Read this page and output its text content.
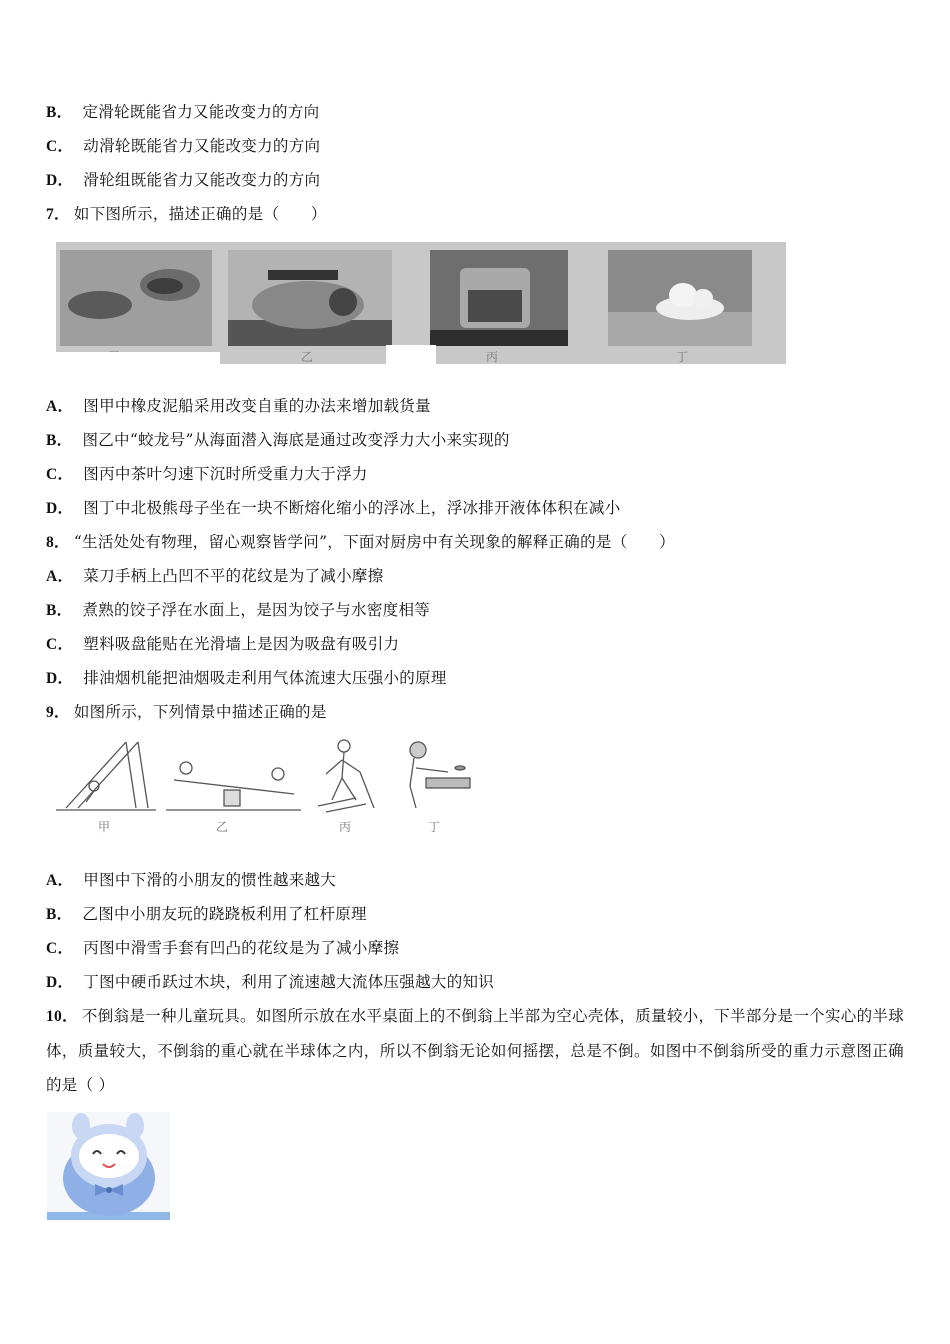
B． 定滑轮既能省力又能改变力的方向
C． 动滑轮既能省力又能改变力的方向
D． 滑轮组既能省力又能改变力的方向
7． 如下图所示，描述正确的是（　　）
乙	丙	丁
A． 图甲中橡皮泥船采用改变自重的办法来增加载货量
B． 图乙中“蛟龙号”从海面潜入海底是通过改变浮力大小来实现的
C． 图丙中茶叶匀速下沉时所受重力大于浮力
D． 图丁中北极熊母子坐在一块不断熔化缩小的浮冰上，浮冰排开液体体积在减小
8． “生活处处有物理，留心观察皆学问”，下面对厨房中有关现象的解释正确的是（　　）
A． 菜刀手柄上凸凹不平的花纹是为了减小摩擦
B． 煮熟的饺子浮在水面上，是因为饺子与水密度相等
C． 塑料吸盘能贴在光滑墙上是因为吸盘有吸引力
D． 排油烟机能把油烟吸走利用气体流速大压强小的原理
9． 如图所示，下列情景中描述正确的是
甲	乙	丙	丁
A． 甲图中下滑的小朋友的惯性越来越大
B． 乙图中小朋友玩的跷跷板利用了杠杆原理
C． 丙图中滑雪手套有凹凸的花纹是为了减小摩擦
D． 丁图中硬币跃过木块，利用了流速越大流体压强越大的知识
10． 不倒翁是一种儿童玩具。如图所示放在水平桌面上的不倒翁上半部为空心壳体，质量较小，下半部分是一个实心的半球体，质量较大，不倒翁的重心就在半球体之内，所以不倒翁无论如何摇摆，总是不倒。如图中不倒翁所受的重力示意图正确的是（ ）
